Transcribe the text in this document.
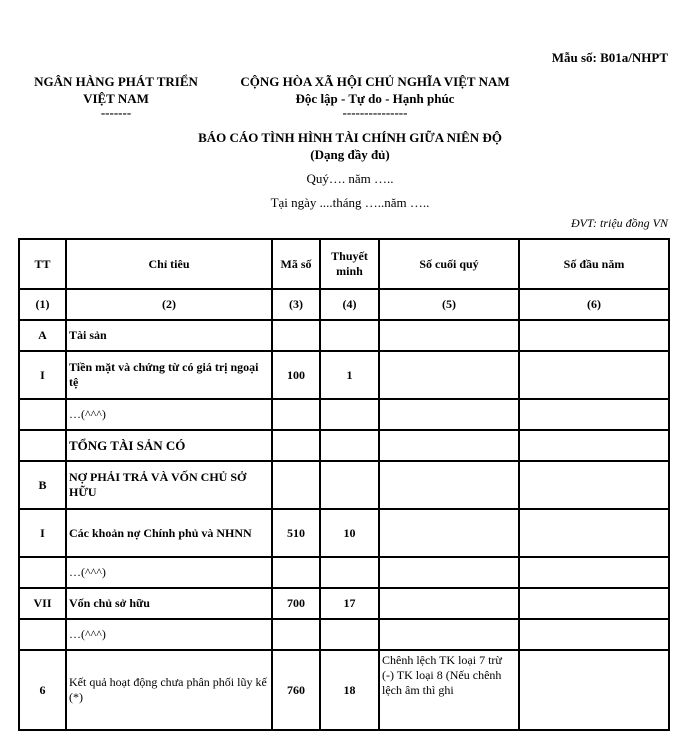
Mẫu số: B01a/NHPT
NGÂN HÀNG PHÁT TRIỂN
VIỆT NAM
-------
CỘNG HÒA XÃ HỘI CHỦ NGHĨA VIỆT NAM
Độc lập - Tự do - Hạnh phúc
---------------
BÁO CÁO TÌNH HÌNH TÀI CHÍNH GIỮA NIÊN ĐỘ
(Dạng đầy đủ)
Quý…. năm …..
Tại ngày ....tháng …..năm …..
ĐVT: triệu đồng VN
TT	Chỉ tiêu	Mã số	Thuyết minh	Số cuối quý	Số đầu năm
(1)	(2)	(3)	(4)	(5)	(6)
A	Tài sản				
I	Tiền mặt và chứng từ có giá trị ngoại tệ	100	1		
	…(^^^)				
	TỔNG TÀI SẢN CÓ				
B	NỢ PHẢI TRẢ VÀ VỐN CHỦ SỞ HỮU				
I	Các khoản nợ Chính phủ và NHNN	510	10		
	…(^^^)				
VII	Vốn chủ sở hữu	700	17		
	…(^^^)				
6	Kết quả hoạt động chưa phân phối lũy kế (*)	760	18	Chênh lệch TK loại 7 trừ (-) TK loại 8 (Nếu chênh lệch âm thì ghi	
